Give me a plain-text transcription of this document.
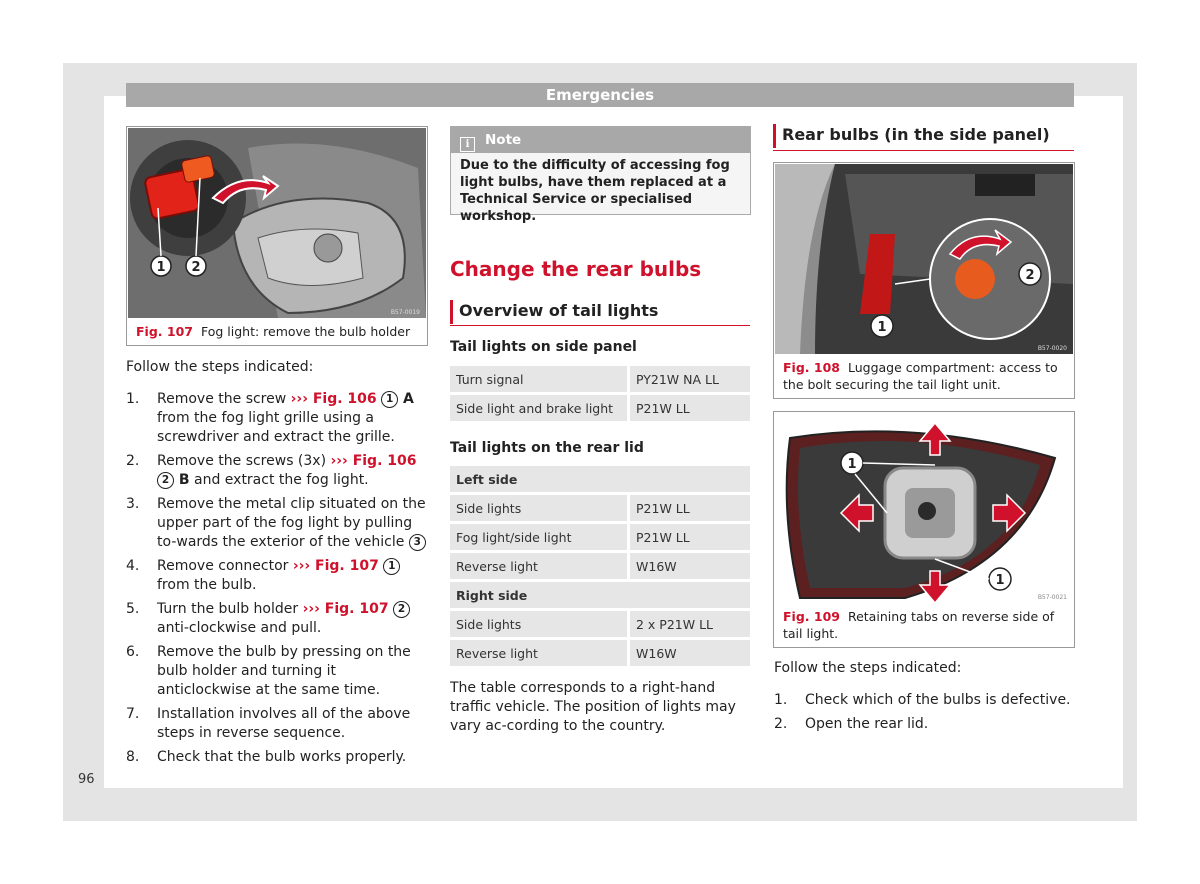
Emergencies
1 2
B57-0019
Fig. 107 Fog light: remove the bulb holder
Follow the steps indicated:
1. Remove the screw ››› Fig. 106 1 A from the fog light grille using a screwdriver and extract the grille.
2. Remove the screws (3x) ››› Fig. 106 2 B and extract the fog light.
3. Remove the metal clip situated on the upper part of the fog light by pulling to-wards the exterior of the vehicle 3
4. Remove connector ››› Fig. 107 1 from the bulb.
5. Turn the bulb holder ››› Fig. 107 2 anti-clockwise and pull.
6. Remove the bulb by pressing on the bulb holder and turning it anticlockwise at the same time.
7. Installation involves all of the above steps in reverse sequence.
8. Check that the bulb works properly.
i Note
Due to the difficulty of accessing fog light bulbs, have them replaced at a Technical Service or specialised workshop.
Change the rear bulbs
Overview of tail lights
Tail lights on side panel
Turn signal	PY21W NA LL
Side light and brake light	P21W LL
Tail lights on the rear lid
Left side	
Side lights	P21W LL
Fog light/side light	P21W LL
Reverse light	W16W
Right side	
Side lights	2 x P21W LL
Reverse light	W16W
The table corresponds to a right-hand traffic vehicle. The position of lights may vary ac-cording to the country.
Rear bulbs (in the side panel)
1
2
B57-0020
Fig. 108 Luggage compartment: access to the bolt securing the tail light unit.
1
1
B57-0021
Fig. 109 Retaining tabs on reverse side of tail light.
Follow the steps indicated:
1. Check which of the bulbs is defective.
2. Open the rear lid.
96
